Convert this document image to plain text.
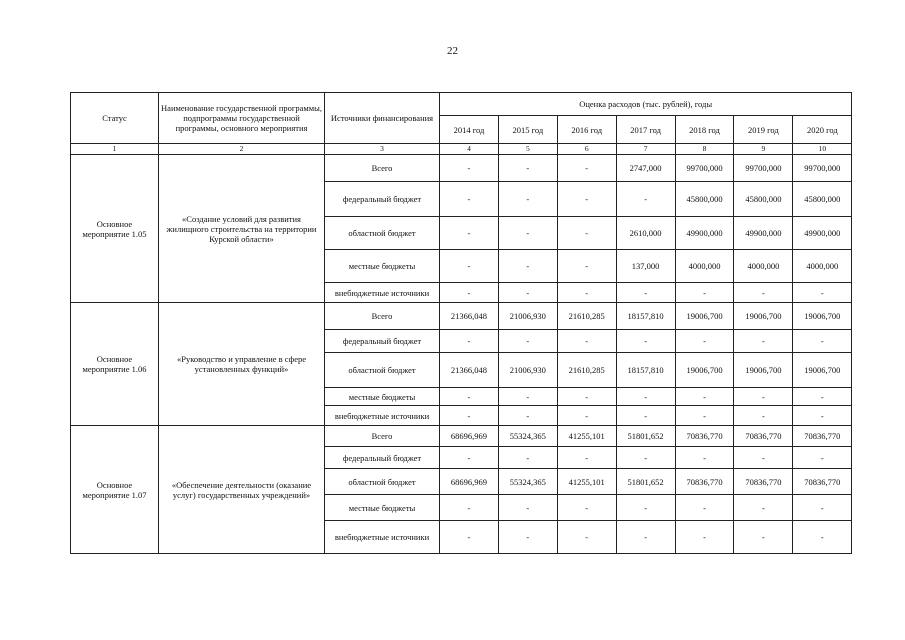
22
Статус	Наименование государственной программы, подпрограммы государственной программы, основного мероприятия	Источники финансирования	Оценка расходов (тыс. рублей), годы						
			2014 год	2015 год	2016 год	2017 год	2018 год	2019 год	2020 год
1	2	3	4	5	6	7	8	9	10
Основное мероприятие 1.05	«Создание условий для развития жилищного строительства на территории Курской области»	Всего	-	-	-	2747,000	99700,000	99700,000	99700,000
		федеральный бюджет	-	-	-	-	45800,000	45800,000	45800,000
		областной бюджет	-	-	-	2610,000	49900,000	49900,000	49900,000
		местные бюджеты	-	-	-	137,000	4000,000	4000,000	4000,000
		внебюджетные источники	-	-	-	-	-	-	-
Основное мероприятие 1.06	«Руководство и управление в сфере установленных функций»	Всего	21366,048	21006,930	21610,285	18157,810	19006,700	19006,700	19006,700
		федеральный бюджет	-	-	-	-	-	-	-
		областной бюджет	21366,048	21006,930	21610,285	18157,810	19006,700	19006,700	19006,700
		местные бюджеты	-	-	-	-	-	-	-
		внебюджетные источники	-	-	-	-	-	-	-
Основное мероприятие 1.07	«Обеспечение деятельности (оказание услуг) государственных учреждений»	Всего	68696,969	55324,365	41255,101	51801,652	70836,770	70836,770	70836,770
		федеральный бюджет	-	-	-	-	-	-	-
		областной бюджет	68696,969	55324,365	41255,101	51801,652	70836,770	70836,770	70836,770
		местные бюджеты	-	-	-	-	-	-	-
		внебюджетные источники	-	-	-	-	-	-	-
